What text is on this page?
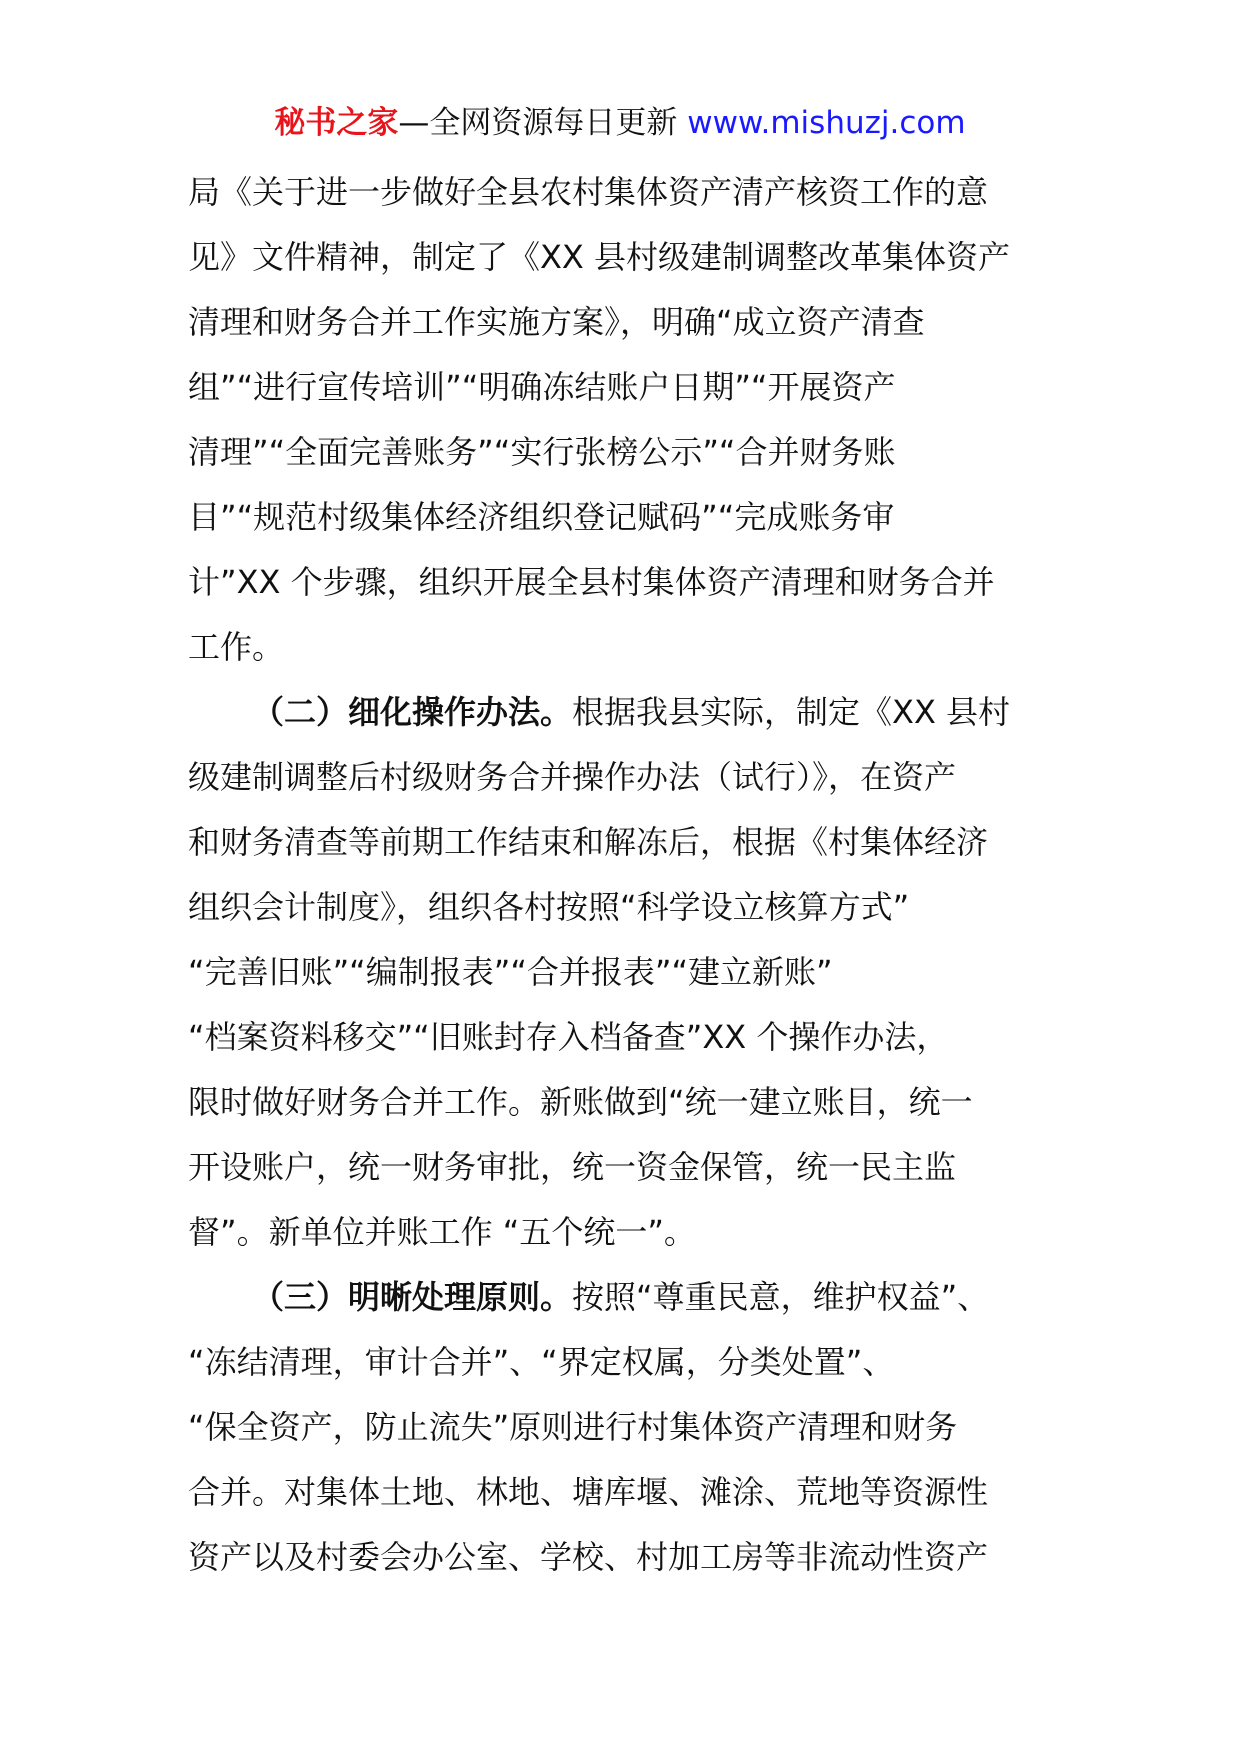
秘书之家—全网资源每日更新 www.mishuzj.com
局《关于进一步做好全县农村集体资产清产核资工作的意
见》文件精神，制定了《XX 县村级建制调整改革集体资产
清理和财务合并工作实施方案》，明确“成立资产清查
组”“进行宣传培训”“明确冻结账户日期”“开展资产
清理”“全面完善账务”“实行张榜公示”“合并财务账
目”“规范村级集体经济组织登记赋码”“完成账务审
计”XX 个步骤，组织开展全县村集体资产清理和财务合并
工作。
（二）细化操作办法。根据我县实际，制定《XX 县村
级建制调整后村级财务合并操作办法（试行）》，在资产
和财务清查等前期工作结束和解冻后，根据《村集体经济
组织会计制度》，组织各村按照“科学设立核算方式”
“完善旧账”“编制报表”“合并报表”“建立新账”
“档案资料移交”“旧账封存入档备查”XX 个操作办法，
限时做好财务合并工作。新账做到“统一建立账目，统一
开设账户，统一财务审批，统一资金保管，统一民主监
督”。新单位并账工作 “五个统一”。
（三）明晰处理原则。按照“尊重民意，维护权益”、
“冻结清理，审计合并”、“界定权属，分类处置”、
“保全资产，防止流失”原则进行村集体资产清理和财务
合并。对集体土地、林地、塘库堰、滩涂、荒地等资源性
资产以及村委会办公室、学校、村加工房等非流动性资产
